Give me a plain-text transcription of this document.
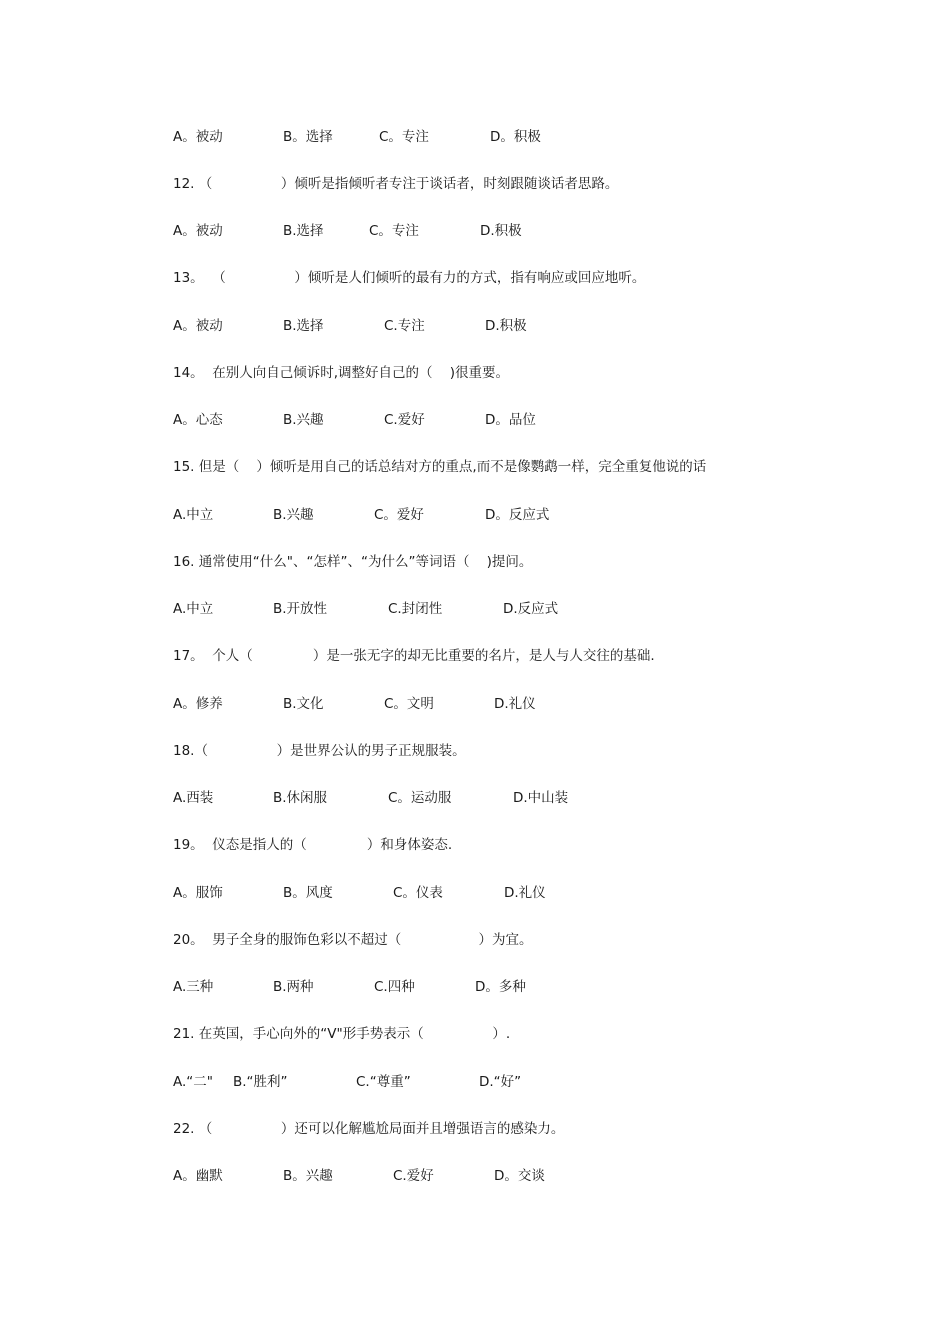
A。被动

	B。选择

	C。专注

	D。积极

12. （                ）倾听是指倾听者专注于谈话者，时刻跟随谈话者思路。

A。被动

	B.选择

	C。专注

	D.积极

13。  （                ）倾听是人们倾听的最有力的方式，指有响应或回应地听。

A。被动

	B.选择

	C.专注

	D.积极

14。  在别人向自己倾诉时,调整好自己的（    )很重要。

A。心态

	B.兴趣

	C.爱好

	D。品位

15. 但是（    ）倾听是用自己的话总结对方的重点,而不是像鹦鹉一样，完全重复他说的话

A.中立

	B.兴趣

	C。爱好

	D。反应式

16. 通常使用“什么"、“怎样”、“为什么”等词语（    )提问。

A.中立

	B.开放性

	C.封闭性

	D.反应式

17。  个人（              ）是一张无字的却无比重要的名片，是人与人交往的基础.

A。修养

	B.文化

	C。文明

	D.礼仪

18.（                ）是世界公认的男子正规服装。

A.西装

	B.休闲服

	C。运动服

	D.中山装

19。  仪态是指人的（              ）和身体姿态.

A。服饰

	B。风度

	C。仪表

	D.礼仪

20。  男子全身的服饰色彩以不超过（                  ）为宜。

A.三种

	B.两种

	C.四种

	D。多种

21. 在英国，手心向外的“V"形手势表示（                ）.

A.“二"

B.“胜利”

	C.“尊重”

	D.“好”

22. （                ）还可以化解尴尬局面并且增强语言的感染力。

A。幽默

	B。兴趣

	C.爱好

	D。交谈
